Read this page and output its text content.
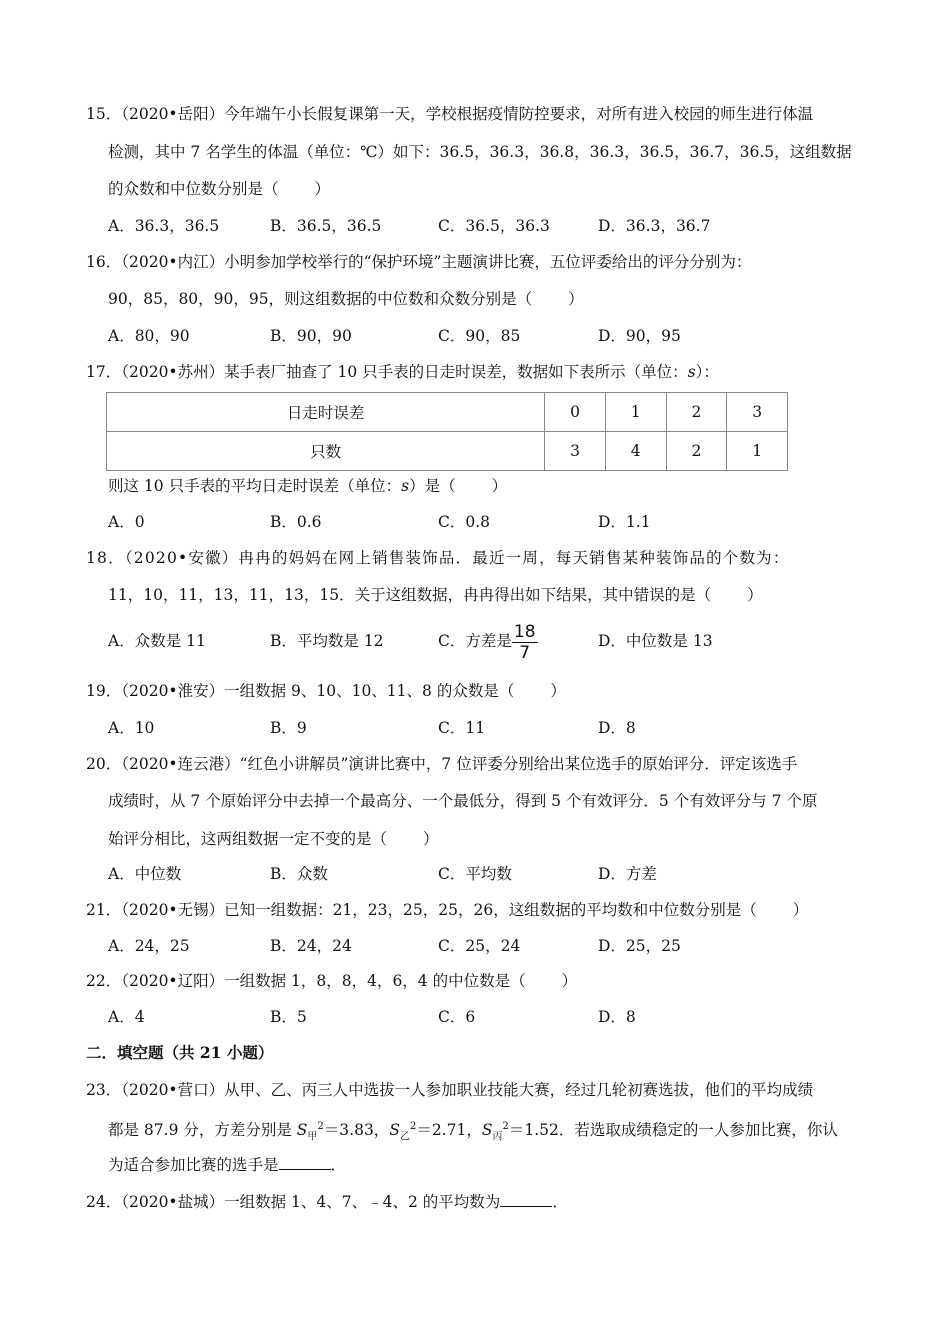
15．（2020•岳阳）今年端午小长假复课第一天，学校根据疫情防控要求，对所有进入校园的师生进行体温
检测，其中 7 名学生的体温（单位：℃）如下：36.5，36.3，36.8，36.3，36.5，36.7，36.5，这组数据
的众数和中位数分别是（ ）
A．36.3，36.5	B．36.5，36.5	C．36.5，36.3	D．36.3，36.7
16．（2020•内江）小明参加学校举行的“保护环境”主题演讲比赛，五位评委给出的评分分别为：
90，85，80，90，95，则这组数据的中位数和众数分别是（ ）
A．80，90	B．90，90	C．90，85	D．90，95
17．（2020•苏州）某手表厂抽查了 10 只手表的日走时误差，数据如下表所示（单位：s）：
日走时误差	0	1	2	3
只数	3	4	2	1
则这 10 只手表的平均日走时误差（单位：s）是（ ）
A．0	B．0.6	C．0.8	D．1.1
18．（2020•安徽）冉冉的妈妈在网上销售装饰品．最近一周，每天销售某种装饰品的个数为：
11，10，11，13，11，13，15．关于这组数据，冉冉得出如下结果，其中错误的是（ ）
A．众数是 11	B．平均数是 12	C．方差是 $\frac{18}{7}$	D．中位数是 13
19．（2020•淮安）一组数据 9、10、10、11、8 的众数是（ ）
A．10	B．9	C．11	D．8
20．（2020•连云港）“红色小讲解员”演讲比赛中，7 位评委分别给出某位选手的原始评分．评定该选手
成绩时，从 7 个原始评分中去掉一个最高分、一个最低分，得到 5 个有效评分．5 个有效评分与 7 个原
始评分相比，这两组数据一定不变的是（ ）
A．中位数	B．众数	C．平均数	D．方差
21．（2020•无锡）已知一组数据：21，23，25，25，26，这组数据的平均数和中位数分别是（ ）
A．24，25	B．24，24	C．25，24	D．25，25
22．（2020•辽阳）一组数据 1，8，8，4，6，4 的中位数是（ ）
A．4	B．5	C．6	D．8
二．填空题（共 21 小题）
23．（2020•营口）从甲、乙、丙三人中选拔一人参加职业技能大赛，经过几轮初赛选拔，他们的平均成绩
都是 87.9 分，方差分别是 $S_甲^2=3.83$，$S_乙^2=2.71$，$S_丙^2=1.52$．若选取成绩稳定的一人参加比赛，你认
为适合参加比赛的选手是	．
24．（2020•盐城）一组数据 1、4、7、﹣4、2 的平均数为	．
